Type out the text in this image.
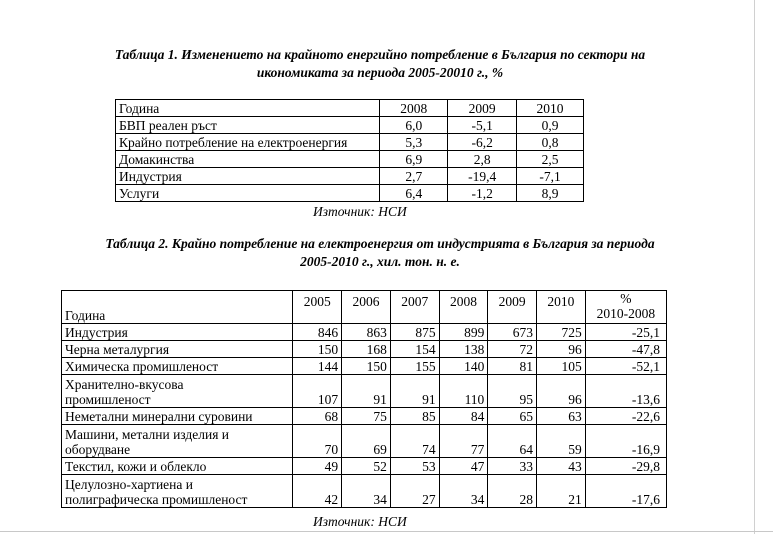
Таблица 1. Изменението на крайното енергийно потребление в България по сектори на
икономиката за периода 2005-20010 г., %
Година	2008	2009	2010
БВП реален ръст	6,0	-5,1	0,9
Крайно потребление на електроенергия	5,3	-6,2	0,8
Домакинства	6,9	2,8	2,5
Индустрия	2,7	-19,4	-7,1
Услуги	6,4	-1,2	8,9
Източник: НСИ
Таблица 2. Крайно потребление на електроенергия от индустрията в България за периода
2005-2010 г., хил. тон. н. е.
Година	2005	2006	2007	2008	2009	2010	%
2010-2008

Индустрия	846	863	875	899	673	725	-25,1
Черна металургия	150	168	154	138	72	96	-47,8
Химическа промишленост	144	150	155	140	81	105	-52,1

Хранително-вкусова
промишленост	107	91	91	110	95	96	-13,6
Неметални минерални суровини	68	75	85	84	65	63	-22,6

Машини, метални изделия и
оборудване	70	69	74	77	64	59	-16,9
Текстил, кожи и облекло	49	52	53	47	33	43	-29,8

Целулозно-хартиена и
полиграфическа промишленост	42	34	27	34	28	21	-17,6
Източник: НСИ
